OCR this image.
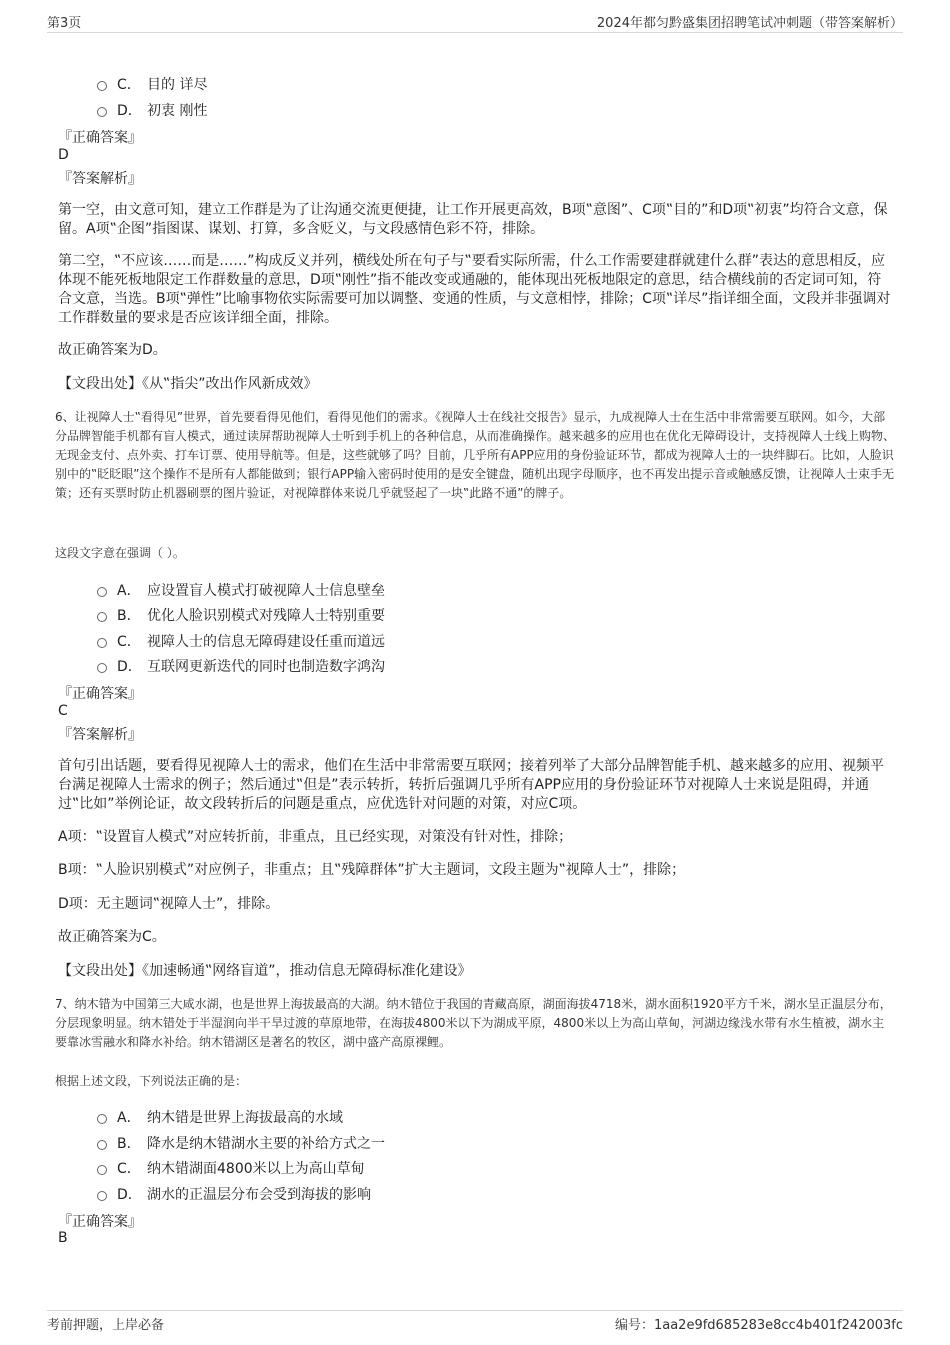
第3页	2024年都匀黔盛集团招聘笔试冲刺题（带答案解析）
C． 目的 详尽
D． 初衷 刚性
『正确答案』
D
『答案解析』
第一空，由文意可知，建立工作群是为了让沟通交流更便捷，让工作开展更高效，B项‟意图”、C项‟目的”和D项‟初衷”均符合文意，保留。A项‟企图”指图谋、谋划、打算，多含贬义，与文段感情色彩不符，排除。
第二空，‟不应该……而是……”构成反义并列，横线处所在句子与‟要看实际所需，什么工作需要建群就建什么群”表达的意思相反，应体现不能死板地限定工作群数量的意思，D项‟刚性”指不能改变或通融的，能体现出死板地限定的意思，结合横线前的否定词可知，符合文意，当选。B项‟弹性”比喻事物依实际需要可加以调整、变通的性质，与文意相悖，排除；C项‟详尽”指详细全面，文段并非强调对工作群数量的要求是否应该详细全面，排除。
故正确答案为D。
【文段出处】《从‟指尖”改出作风新成效》
6、让视障人士‟看得见”世界，首先要看得见他们，看得见他们的需求。《视障人士在线社交报告》显示，九成视障人士在生活中非常需要互联网。如今，大部分品牌智能手机都有盲人模式，通过读屏帮助视障人士听到手机上的各种信息，从而准确操作。越来越多的应用也在优化无障碍设计，支持视障人士线上购物、无现金支付、点外卖、打车订票、使用导航等。但是，这些就够了吗？目前，几乎所有APP应用的身份验证环节，都成为视障人士的一块绊脚石。比如，人脸识别中的‟眨眨眼”这个操作不是所有人都能做到；银行APP输入密码时使用的是安全键盘，随机出现字母顺序，也不再发出提示音或触感反馈，让视障人士束手无策；还有买票时防止机器刷票的图片验证，对视障群体来说几乎就竖起了一块‟此路不通”的牌子。
这段文字意在强调（ ）。
A． 应设置盲人模式打破视障人士信息壁垒
B． 优化人脸识别模式对残障人士特别重要
C． 视障人士的信息无障碍建设任重而道远
D． 互联网更新迭代的同时也制造数字鸿沟
『正确答案』
C
『答案解析』
首句引出话题，要看得见视障人士的需求，他们在生活中非常需要互联网；接着列举了大部分品牌智能手机、越来越多的应用、视频平台满足视障人士需求的例子；然后通过‟但是”表示转折，转折后强调几乎所有APP应用的身份验证环节对视障人士来说是阻碍，并通过‟比如”举例论证，故文段转折后的问题是重点，应优选针对问题的对策，对应C项。
A项：‟设置盲人模式”对应转折前，非重点，且已经实现，对策没有针对性，排除；
B项：‟人脸识别模式”对应例子，非重点；且‟残障群体”扩大主题词，文段主题为‟视障人士”，排除；
D项：无主题词‟视障人士”，排除。
故正确答案为C。
【文段出处】《加速畅通‟网络盲道”，推动信息无障碍标准化建设》
7、纳木错为中国第三大咸水湖，也是世界上海拔最高的大湖。纳木错位于我国的青藏高原，湖面海拔4718米，湖水面积1920平方千米，湖水呈正温层分布，分层现象明显。纳木错处于半湿润向半干旱过渡的草原地带，在海拔4800米以下为湖成平原，4800米以上为高山草甸，河湖边缘浅水带有水生植被，湖水主要靠冰雪融水和降水补给。纳木错湖区是著名的牧区，湖中盛产高原裸鲤。
根据上述文段，下列说法正确的是：
A． 纳木错是世界上海拔最高的水域
B． 降水是纳木错湖水主要的补给方式之一
C． 纳木错湖面4800米以上为高山草甸
D． 湖水的正温层分布会受到海拔的影响
『正确答案』
B
考前押题，上岸必备	编号：1aa2e9fd685283e8cc4b401f242003fc
